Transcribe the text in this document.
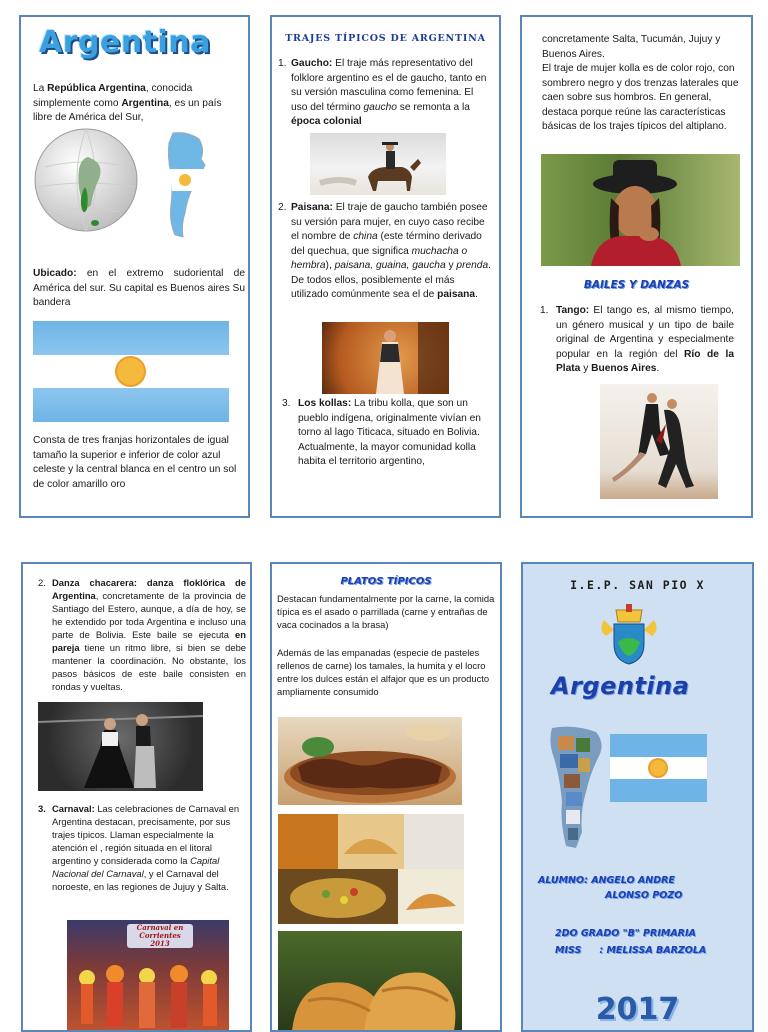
Argentina
La República Argentina, conocida simplemente como Argentina, es un país libre de América del Sur,
Ubicado: en el extremo sudoriental de América del sur. Su capital es Buenos aires Su bandera
Consta de tres franjas horizontales de igual tamaño la superior e inferior de color azul celeste y la central blanca en el centro un sol de color amarillo oro
TRAJES TÍPICOS DE ARGENTINA
1. Gaucho: El traje más representativo del folklore argentino es el de gaucho, tanto en su versión masculina como femenina. El uso del término gaucho se remonta a la época colonial
2. Paisana: El traje de gaucho también posee su versión para mujer, en cuyo caso recibe el nombre de china (este término derivado del quechua, que significa muchacha o hembra), paisana, guaina, gaucha y prenda. De todos ellos, posiblemente el más utilizado comúnmente sea el de paisana.
3. Los kollas: La tribu kolla, que son un pueblo indígena, originalmente vivían en torno al lago Titicaca, situado en Bolivia.
Actualmente, la mayor comunidad kolla habita el territorio argentino,
concretamente Salta, Tucumán, Jujuy y Buenos Aires.
El traje de mujer kolla es de color rojo, con sombrero negro y dos trenzas laterales que caen sobre sus hombros. En general, destaca porque reúne las características básicas de los trajes típicos del altiplano.
BAILES Y DANZAS
1. Tango: El tango es, al mismo tiempo, un género musical y un tipo de baile original de Argentina y especialmente popular en la región del Río de la Plata y Buenos Aires.
2. Danza chacarera: danza floklórica de Argentina, concretamente de la provincia de Santiago del Estero, aunque, a día de hoy, se he extendido por toda Argentina e incluso una parte de Bolivia. Este baile se ejecuta en pareja tiene un ritmo libre, si bien se debe mantener la coordinación. No obstante, los pasos básicos de este baile consisten en rondas y vueltas.
3. Carnaval: Las celebraciones de Carnaval en Argentina destacan, precisamente, por sus trajes típicos. Llaman especialmente la atención el , región situada en el litoral argentino y considerada como la Capital Nacional del Carnaval, y el Carnaval del noroeste, en las regiones de Jujuy y Salta.
Carnaval en
Corrientes
2013
PLATOS TÍPICOS
Destacan fundamentalmente por la carne, la comida típica es el asado o parrillada (carne y entrañas de vaca cocinados a la brasa)
Además de las empanadas (especie de pasteles rellenos de carne) los tamales, la humita y el locro entre los dulces están el alfajor que es un producto ampliamente consumido
I.E.P. SAN PIO X
Argentina
ALUMNO: ANGELO ANDRE
ALONSO POZO
2DO GRADO "B" PRIMARIA
MISS : MELISSA BARZOLA
2017
